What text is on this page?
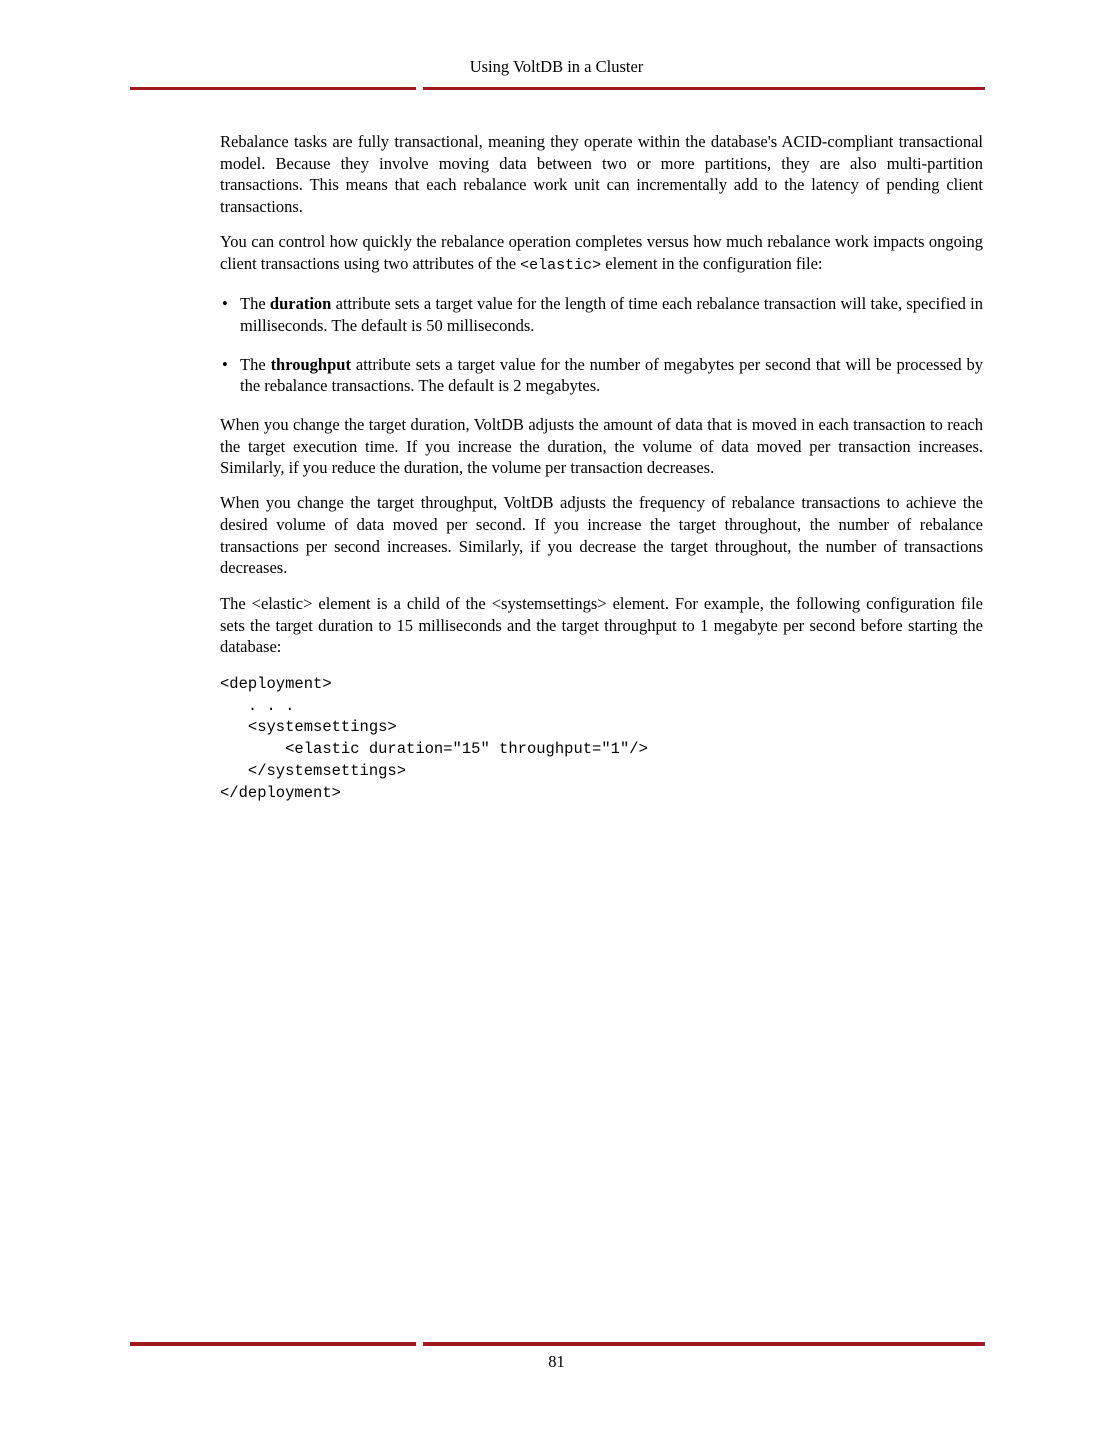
Using VoltDB in a Cluster

Rebalance tasks are fully transactional, meaning they operate within the database's ACID-compliant transactional model. Because they involve moving data between two or more partitions, they are also multi-partition transactions. This means that each rebalance work unit can incrementally add to the latency of pending client transactions.

You can control how quickly the rebalance operation completes versus how much rebalance work impacts ongoing client transactions using two attributes of the <elastic> element in the configuration file:

• The duration attribute sets a target value for the length of time each rebalance transaction will take, specified in milliseconds. The default is 50 milliseconds.
• The throughput attribute sets a target value for the number of megabytes per second that will be processed by the rebalance transactions. The default is 2 megabytes.

When you change the target duration, VoltDB adjusts the amount of data that is moved in each transaction to reach the target execution time. If you increase the duration, the volume of data moved per transaction increases. Similarly, if you reduce the duration, the volume per transaction decreases.

When you change the target throughput, VoltDB adjusts the frequency of rebalance transactions to achieve the desired volume of data moved per second. If you increase the target throughout, the number of rebalance transactions per second increases. Similarly, if you decrease the target throughout, the number of transactions decreases.

The <elastic> element is a child of the <systemsettings> element. For example, the following configuration file sets the target duration to 15 milliseconds and the target throughput to 1 megabyte per second before starting the database:

<deployment>
. . .
<systemsettings>
<elastic duration="15" throughput="1"/>
</systemsettings>
</deployment>
81
